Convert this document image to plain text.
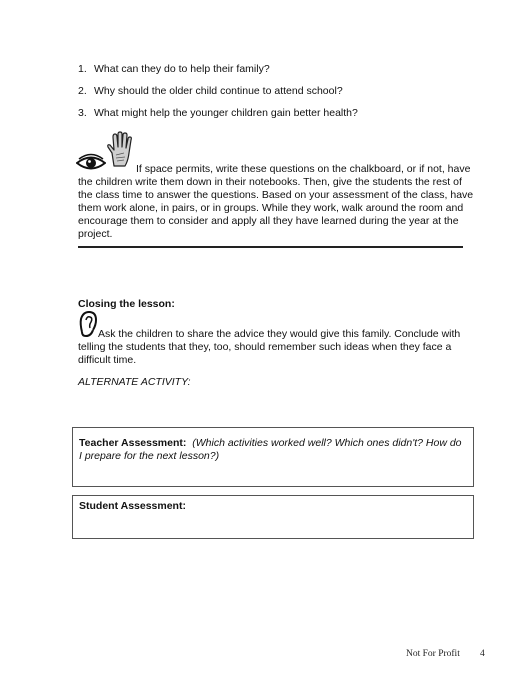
1. What can they do to help their family?
2. Why should the older child continue to attend school?
3. What might help the younger children gain better health?
If space permits, write these questions on the chalkboard, or if not, have the children write them down in their notebooks. Then, give the students the rest of the class time to answer the questions. Based on your assessment of the class, have them work alone, in pairs, or in groups. While they work, walk around the room and encourage them to consider and apply all they have learned during the year at the project.
Closing the lesson:
Ask the children to share the advice they would give this family. Conclude with telling the students that they, too, should remember such ideas when they face a difficult time.
ALTERNATE ACTIVITY:
Teacher Assessment: (Which activities worked well? Which ones didn't? How do I prepare for the next lesson?)
Student Assessment:
Not For Profit 4
